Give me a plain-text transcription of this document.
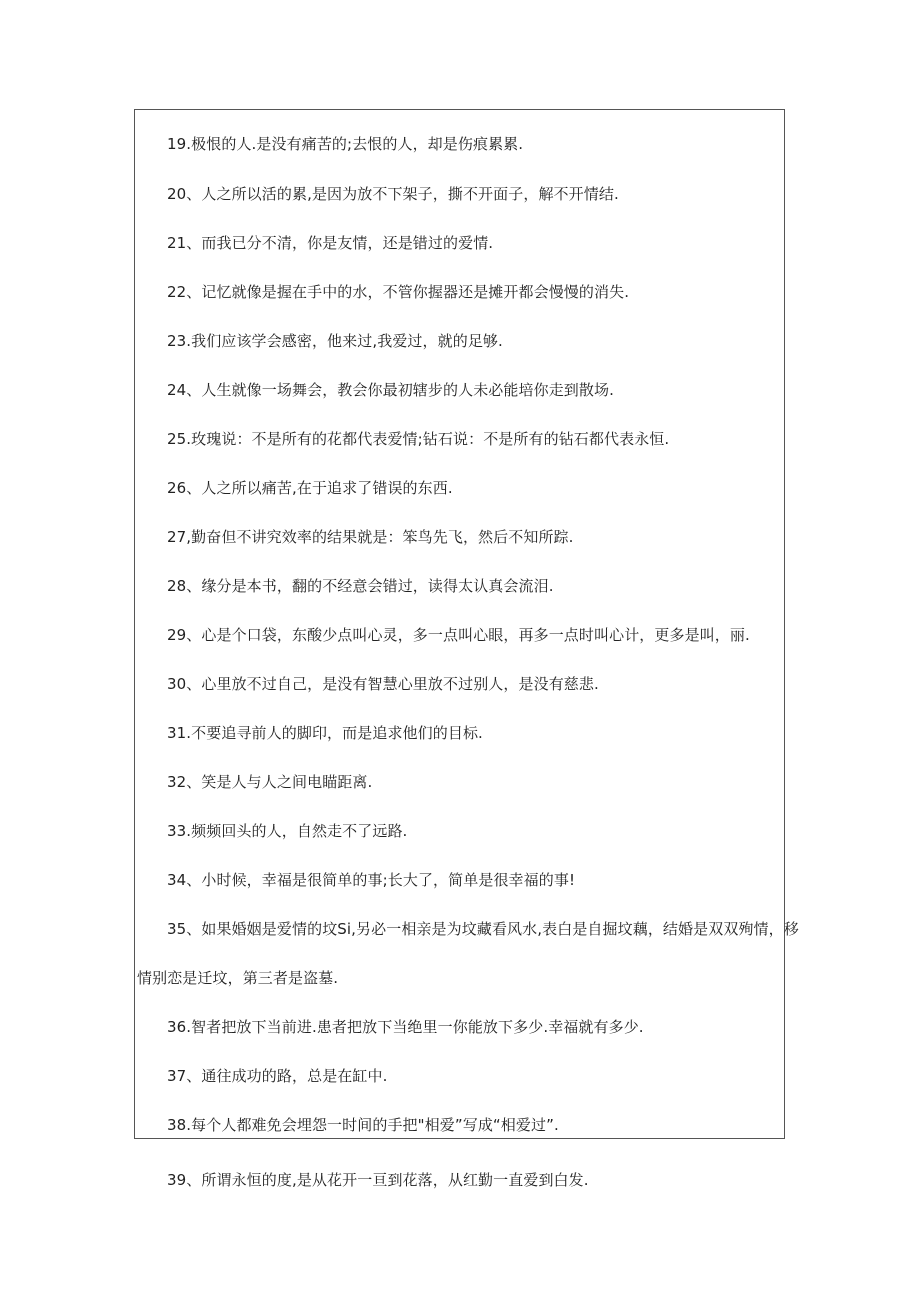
19.极恨的人.是没有痛苦的;去恨的人，却是伤痕累累.
20、人之所以活的累,是因为放不下架子，撕不开面子，解不开情结.
21、而我已分不清，你是友情，还是错过的爱情.
22、记忆就像是握在手中的水，不管你握器还是摊开都会慢慢的消失.
23.我们应该学会感密，他来过,我爱过，就的足够.
24、人生就像一场舞会，教会你最初辖步的人未必能培你走到散场.
25.玫瑰说：不是所有的花都代表爱情;钻石说：不是所有的钻石都代表永恒.
26、人之所以痛苦,在于追求了错误的东西.
27,勤奋但不讲究效率的结果就是：笨鸟先飞，然后不知所踪.
28、缘分是本书，翻的不经意会错过，读得太认真会流泪.
29、心是个口袋，东酸少点叫心灵，多一点叫心眼，再多一点时叫心计，更多是叫，丽.
30、心里放不过自己，是没有智慧心里放不过别人，是没有慈悲.
31.不要追寻前人的脚印，而是追求他们的目标.
32、笑是人与人之间电瞄距离.
33.频频回头的人，自然走不了远路.
34、小时候，幸福是很简单的事;长大了，简单是很幸福的事!
35、如果婚姻是爱情的坟Si,另必一相亲是为坟藏看风水,表白是自掘坟藕，结婚是双双殉情，移
情别恋是迁坟，第三者是盗墓.
36.智者把放下当前进.患者把放下当绝里一你能放下多少.幸福就有多少.
37、通往成功的路，总是在缸中.
38.每个人都难免会埋怨一时间的手把"相爱”写成“相爱过”.
39、所谓永恒的度,是从花开一亘到花落，从红勤一直爱到白发.
